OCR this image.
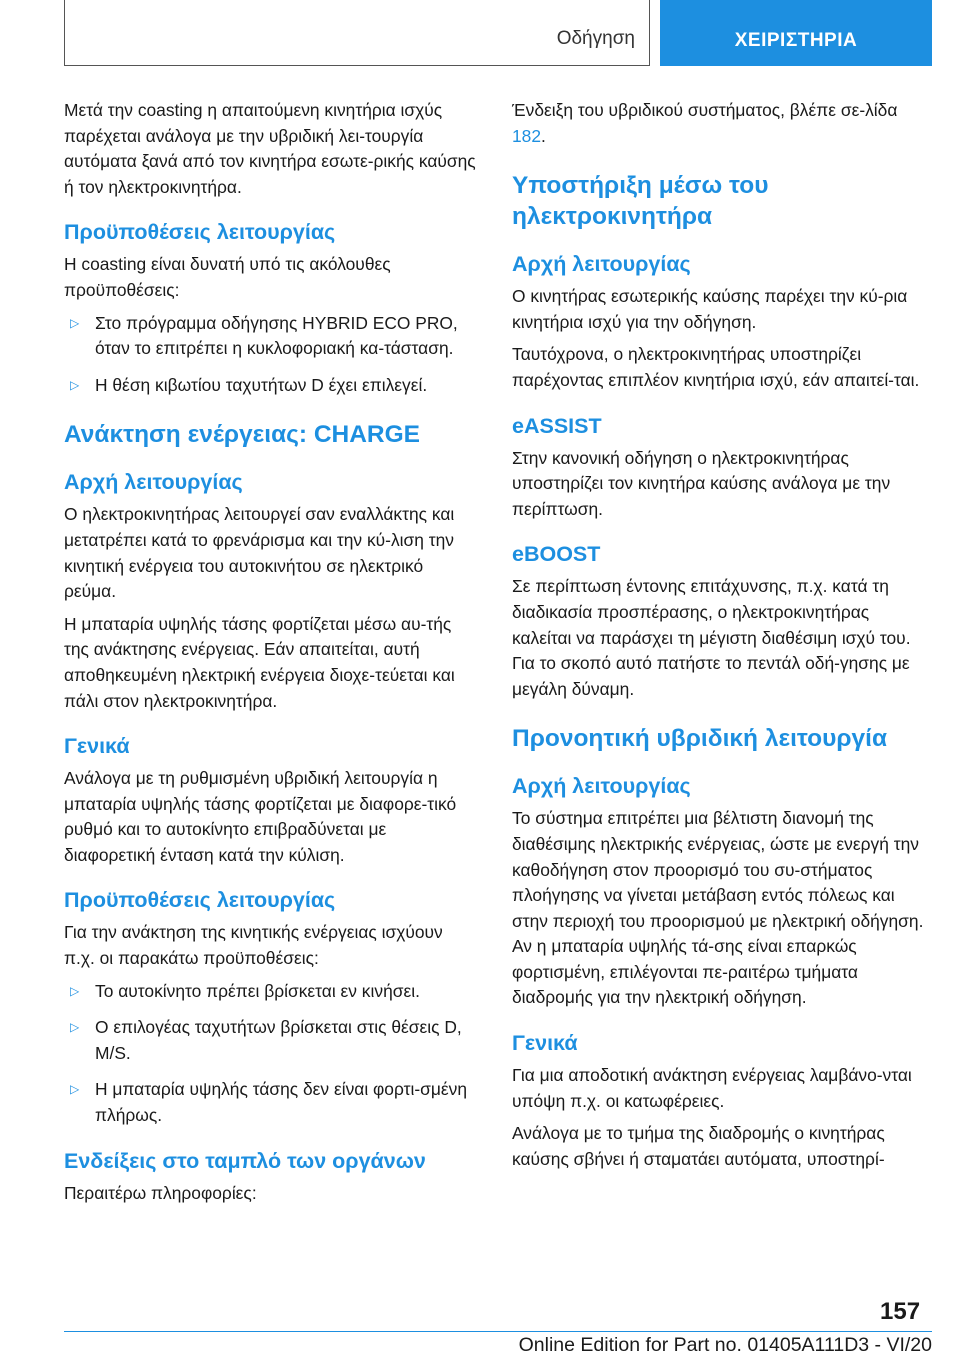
Οδήγηση	ΧΕΙΡΙΣΤΗΡΙΑ

Μετά την coasting η απαιτούμενη κινητήρια ισχύς παρέχεται ανάλογα με την υβριδική λει‐τουργία αυτόματα ξανά από τον κινητήρα εσωτε‐ρικής καύσης ή τον ηλεκτροκινητήρα.

Προϋποθέσεις λειτουργίας

Η coasting είναι δυνατή υπό τις ακόλουθες προϋποθέσεις:

▷ Στο πρόγραμμα οδήγησης HYBRID ECO PRO, όταν το επιτρέπει η κυκλοφοριακή κα‐τάσταση.
▷ Η θέση κιβωτίου ταχυτήτων D έχει επιλεγεί.
Ανάκτηση ενέργειας: CHARGE
Αρχή λειτουργίας

Ο ηλεκτροκινητήρας λειτουργεί σαν εναλλάκτης και μετατρέπει κατά το φρενάρισμα και την κύ‐λιση την κινητική ενέργεια του αυτοκινήτου σε ηλεκτρικό ρεύμα.

Η μπαταρία υψηλής τάσης φορτίζεται μέσω αυ‐τής της ανάκτησης ενέργειας. Εάν απαιτείται, αυτή αποθηκευμένη ηλεκτρική ενέργεια διοχε‐τεύεται και πάλι στον ηλεκτροκινητήρα.

Γενικά

Ανάλογα με τη ρυθμισμένη υβριδική λειτουργία η μπαταρία υψηλής τάσης φορτίζεται με διαφορε‐τικό ρυθμό και το αυτοκίνητο επιβραδύνεται με διαφορετική ένταση κατά την κύλιση.

Προϋποθέσεις λειτουργίας

Για την ανάκτηση της κινητικής ενέργειας ισχύουν π.χ. οι παρακάτω προϋποθέσεις:

▷ Το αυτοκίνητο πρέπει βρίσκεται εν κινήσει.
▷ Ο επιλογέας ταχυτήτων βρίσκεται στις θέσεις D, M/S.
▷ Η μπαταρία υψηλής τάσης δεν είναι φορτι‐σμένη πλήρως.
Ενδείξεις στο ταμπλό των οργάνων

Περαιτέρω πληροφορίες:

Ένδειξη του υβριδικού συστήματος, βλέπε σε‐λίδα 182.

Υποστήριξη μέσω του ηλεκτροκινητήρα
Αρχή λειτουργίας

Ο κινητήρας εσωτερικής καύσης παρέχει την κύ‐ρια κινητήρια ισχύ για την οδήγηση.

Ταυτόχρονα, ο ηλεκτροκινητήρας υποστηρίζει παρέχοντας επιπλέον κινητήρια ισχύ, εάν απαιτεί‐ται.

eASSIST

Στην κανονική οδήγηση ο ηλεκτροκινητήρας υποστηρίζει τον κινητήρα καύσης ανάλογα με την περίπτωση.

eBOOST

Σε περίπτωση έντονης επιτάχυνσης, π.χ. κατά τη διαδικασία προσπέρασης, ο ηλεκτροκινητήρας καλείται να παράσχει τη μέγιστη διαθέσιμη ισχύ του. Για το σκοπό αυτό πατήστε το πεντάλ οδή‐γησης με μεγάλη δύναμη.

Προνοητική υβριδική λειτουργία
Αρχή λειτουργίας

Το σύστημα επιτρέπει μια βέλτιστη διανομή της διαθέσιμης ηλεκτρικής ενέργειας, ώστε με ενεργή την καθοδήγηση στον προορισμό του συ‐στήματος πλοήγησης να γίνεται μετάβαση εντός πόλεως και στην περιοχή του προορισμού με ηλεκτρική οδήγηση. Αν η μπαταρία υψηλής τά‐σης είναι επαρκώς φορτισμένη, επιλέγονται πε‐ραιτέρω τμήματα διαδρομής για την ηλεκτρική οδήγηση.

Γενικά

Για μια αποδοτική ανάκτηση ενέργειας λαμβάνο‐νται υπόψη π.χ. οι κατωφέρειες.

Ανάλογα με το τμήμα της διαδρομής ο κινητήρας καύσης σβήνει ή σταματάει αυτόματα, υποστηρί‐

157
Online Edition for Part no. 01405A111D3 - VI/20
